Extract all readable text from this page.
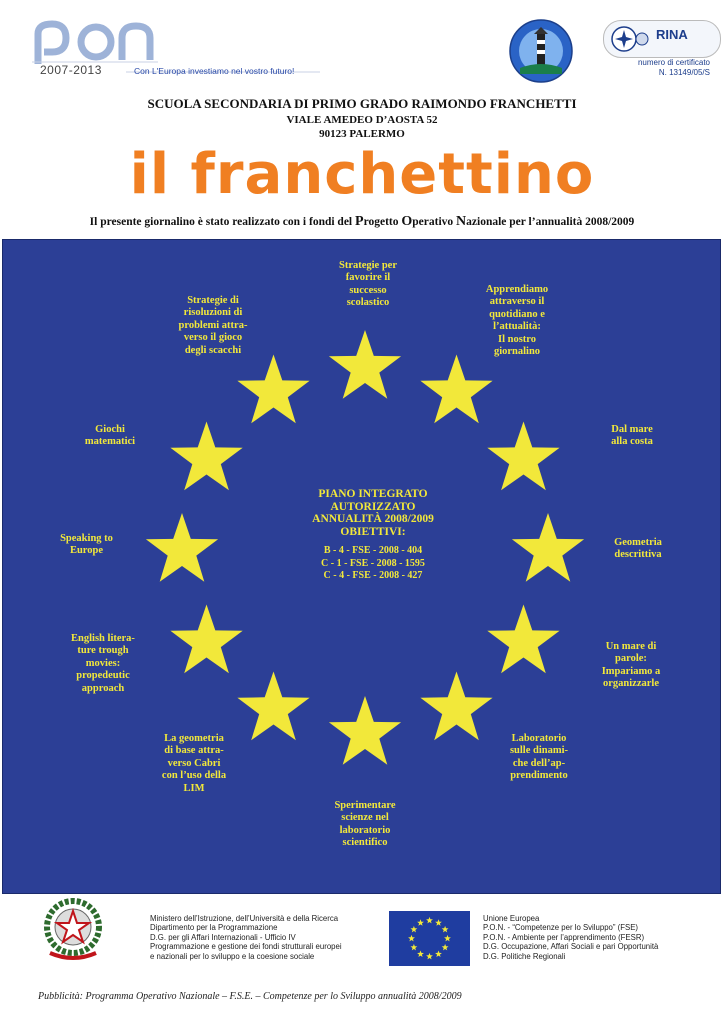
2007-2013	Con L'Europa investiamo nel vostro futuro!
RINA
numero di certificato
N. 13149/05/S
SCUOLA SECONDARIA DI PRIMO GRADO RAIMONDO FRANCHETTI
VIALE AMEDEO D’AOSTA 52
90123 PALERMO
il franchettino
Il presente giornalino è stato realizzato con i fondi del Progetto Operativo Nazionale per l’annualità 2008/2009
PIANO INTEGRATO
AUTORIZZATO
ANNUALITÀ 2008/2009
OBIETTIVI:
B - 4 - FSE - 2008 - 404
C - 1 - FSE - 2008 - 1595
C - 4 - FSE - 2008 - 427
Strategie per
favorire il
successo
scolastico
Apprendiamo
attraverso il
quotidiano e
l’attualità:
Il nostro
giornalino
Dal mare
alla costa
Geometria
descrittiva
Un mare di
parole:
Impariamo a
organizzarle
Laboratorio
sulle dinami-
che dell’ap-
prendimento
Sperimentare
scienze nel
laboratorio
scientifico
La geometria
di base attra-
verso Cabri
con l’uso della
LIM
English litera-
ture trough
movies:
propedeutic
approach
Speaking to
Europe
Giochi
matematici
Strategie di
risoluzioni di
problemi attra-
verso il gioco
degli scacchi
Ministero dell’Istruzione, dell’Università e della Ricerca
Dipartimento per la Programmazione
D.G. per gli Affari Internazionali - Ufficio IV
Programmazione e gestione dei fondi strutturali europei
e nazionali per lo sviluppo e la coesione sociale
Unione Europea
P.O.N. - “Competenze per lo Sviluppo” (FSE)
P.O.N. - Ambiente per l’apprendimento (FESR)
D.G. Occupazione, Affari Sociali e pari Opportunità
D.G. Politiche Regionali
Pubblicità: Programma Operativo Nazionale – F.S.E. – Competenze per lo Sviluppo annualità 2008/2009
